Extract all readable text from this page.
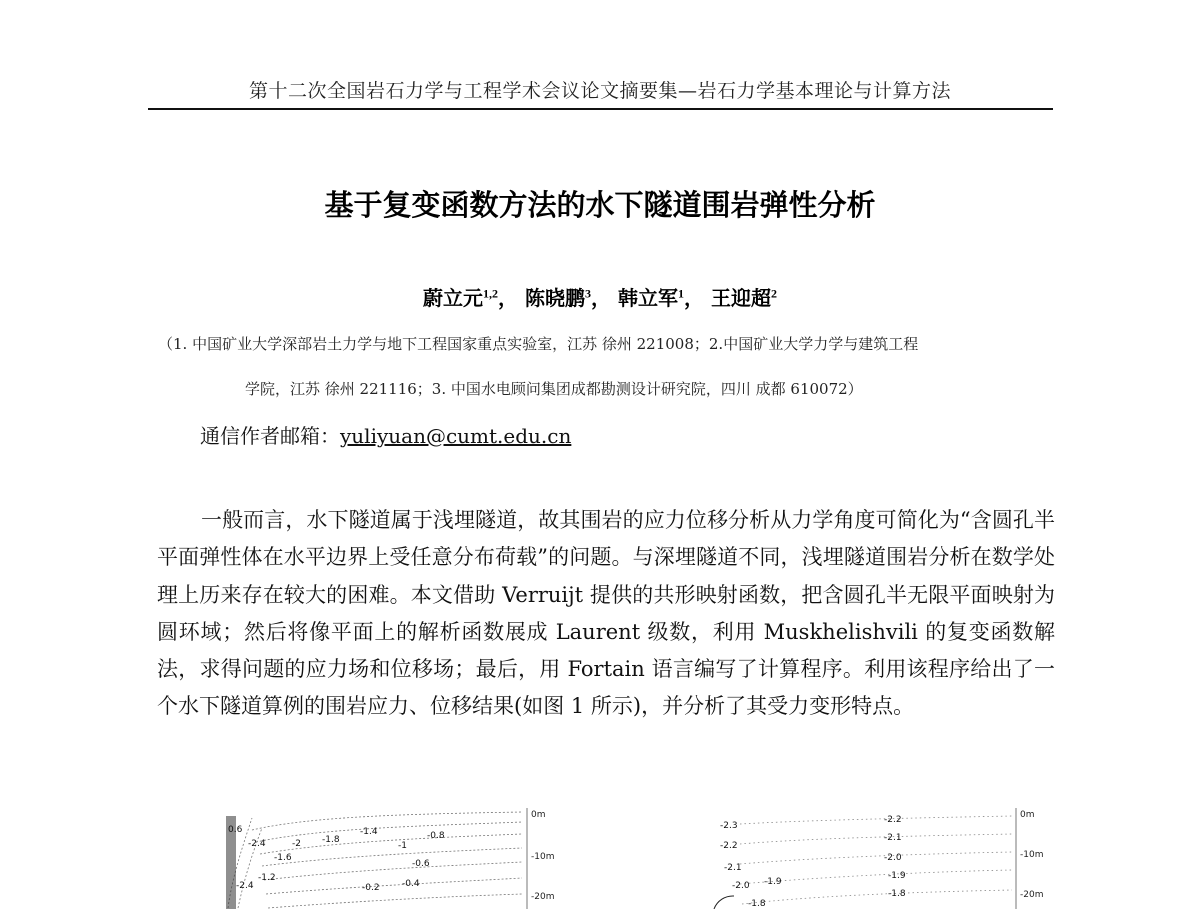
第十二次全国岩石力学与工程学术会议论文摘要集—岩石力学基本理论与计算方法
基于复变函数方法的水下隧道围岩弹性分析
蔚立元$^{1,2}$， 陈晓鹏$^3$， 韩立军$^1$， 王迎超$^2$
（1. 中国矿业大学深部岩土力学与地下工程国家重点实验室，江苏 徐州 221008；2.中国矿业大学力学与建筑工程
学院，江苏 徐州 221116；3. 中国水电顾问集团成都勘测设计研究院，四川 成都 610072）
通信作者邮箱：yuliyuan@cumt.edu.cn

一般而言，水下隧道属于浅埋隧道，故其围岩的应力位移分析从力学角度可简化为“含圆孔半平面弹性体在水平边界上受任意分布荷载”的问题。与深埋隧道不同，浅埋隧道围岩分析在数学处理上历来存在较大的困难。本文借助 Verruijt 提供的共形映射函数，把含圆孔半无限平面映射为圆环域；然后将像平面上的解析函数展成 Laurent 级数，利用 Muskhelishvili 的复变函数解法，求得问题的应力场和位移场；最后，用 Fortain 语言编写了计算程序。利用该程序给出了一个水下隧道算例的围岩应力、位移结果(如图 1 所示)，并分析了其受力变形特点。

0m
-10m
-20m
0.6
-2.4	-2 -1.8
-1.4
-1
-0.8
-1.6
-0.6
-2.4
-1.2
-0.2 -0.4
0m
-10m
-20m
-2.3
-2.2
-2.1
-2.0 -1.9
-1.8
-2.2
-2.1
-2.0
-1.9
-1.8
